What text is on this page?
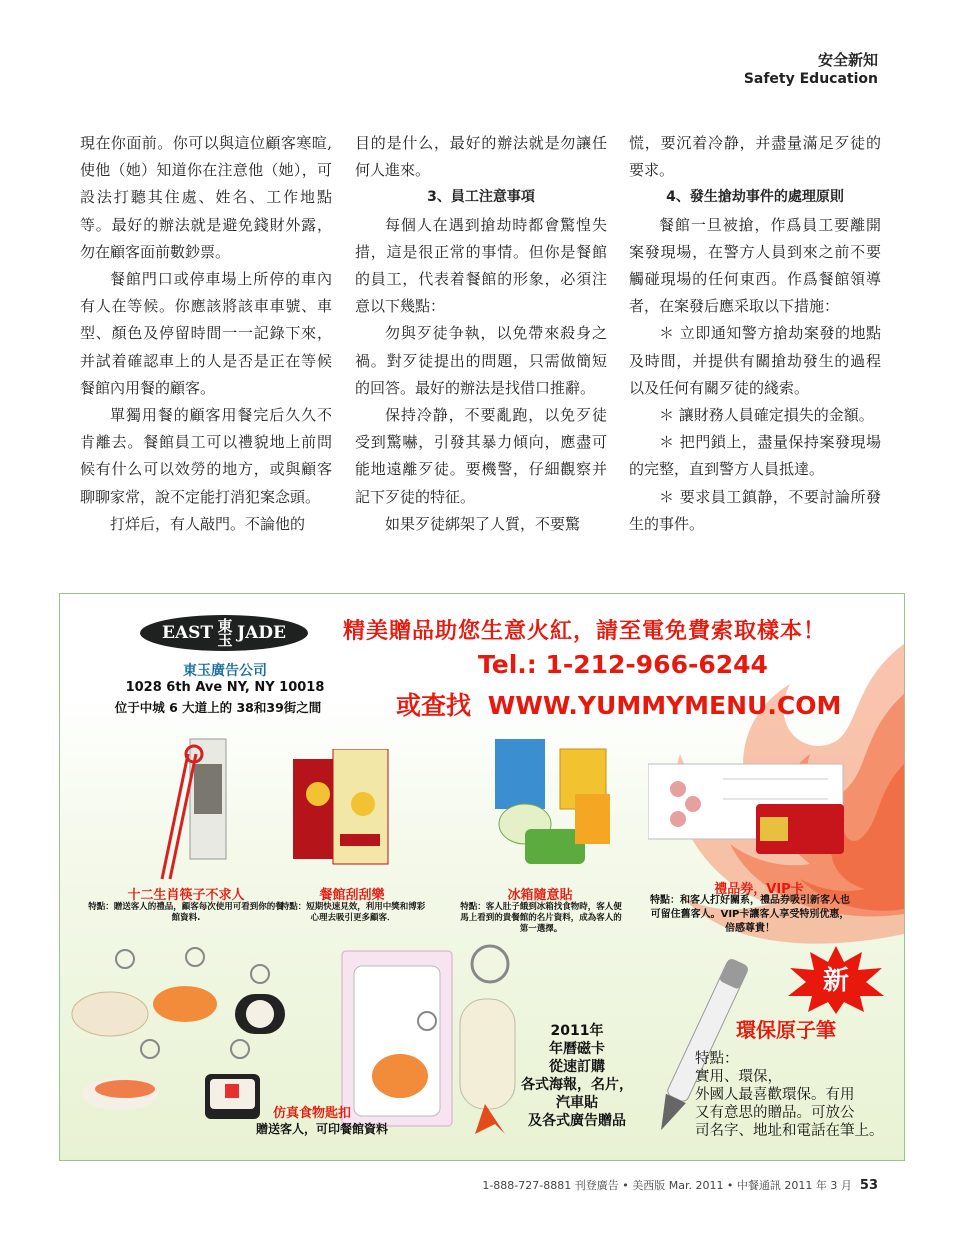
安全新知
Safety Education

現在你面前。你可以與這位顧客寒暄,使他（她）知道你在注意他（她），可設法打聽其住處、姓名、工作地點等。最好的辦法就是避免錢財外露，勿在顧客面前數鈔票。

餐館門口或停車場上所停的車內有人在等候。你應該將該車車號、車型、顏色及停留時間一一記錄下來，并試着確認車上的人是否是正在等候餐館內用餐的顧客。

單獨用餐的顧客用餐完后久久不肯離去。餐館員工可以禮貌地上前問候有什么可以效勞的地方，或與顧客聊聊家常，說不定能打消犯案念頭。

打烊后，有人敲門。不論他的

目的是什么，最好的辦法就是勿讓任何人進來。

3、員工注意事項

每個人在遇到搶劫時都會驚惶失措，這是很正常的事情。但你是餐館的員工，代表着餐館的形象，必須注意以下幾點：

勿與歹徒争執，以免帶來殺身之禍。對歹徒提出的問題，只需做簡短的回答。最好的辦法是找借口推辭。

保持冷静，不要亂跑，以免歹徒受到驚嚇，引發其暴力傾向，應盡可能地遠離歹徒。要機警，仔細觀察并記下歹徒的特征。

如果歹徒綁架了人質，不要驚

慌，要沉着冷静，并盡量滿足歹徒的要求。

4、發生搶劫事件的處理原則

餐館一旦被搶，作爲員工要離開案發現場，在警方人員到來之前不要觸碰現場的任何東西。作爲餐館領導者，在案發后應采取以下措施：

＊ 立即通知警方搶劫案發的地點及時間，并提供有關搶劫發生的過程以及任何有關歹徒的綫索。

＊ 讓財務人員確定損失的金額。

＊ 把門鎖上，盡量保持案發現場的完整，直到警方人員抵達。

＊ 要求員工鎮静，不要討論所發生的事件。

EAST 東
玉 JADE
東玉廣告公司
1028 6th Ave NY, NY 10018
位于中城 6 大道上的 38和39街之間
精美贈品助您生意火紅，請至電免費索取樣本！
Tel.: 1-212-966-6244
或查找 WWW.YUMMYMENU.COM
十二生肖筷子不求人
特點：贈送客人的禮品，顧客每次使用可看到你的餐館資料.
餐館刮刮樂
特點：短期快速見效，利用中獎和博彩心理去吸引更多顧客．
冰箱隨意貼
特點：客人肚子餓到冰箱找食物時，客人便馬上看到的貴餐館的名片資料，成為客人的第一選擇。
禮品券，VIP卡
特點：和客人打好關系，禮品券吸引新客人也可留住舊客人。VIP卡讓客人享受特別优惠，倍感尊貴！
仿真食物匙扣
贈送客人，可印餐館資料
2011年
年曆磁卡
從速訂購
各式海報，名片，
汽車貼
及各式廣告贈品
新
環保原子筆
特點：
實用、環保，
外國人最喜歡環保。有用
又有意思的贈品。可放公
司名字、地址和電話在筆上。
1-888-727-8881 刊登廣告 • 美西版 Mar. 2011 • 中餐通訊 2011 年 3 月 53
